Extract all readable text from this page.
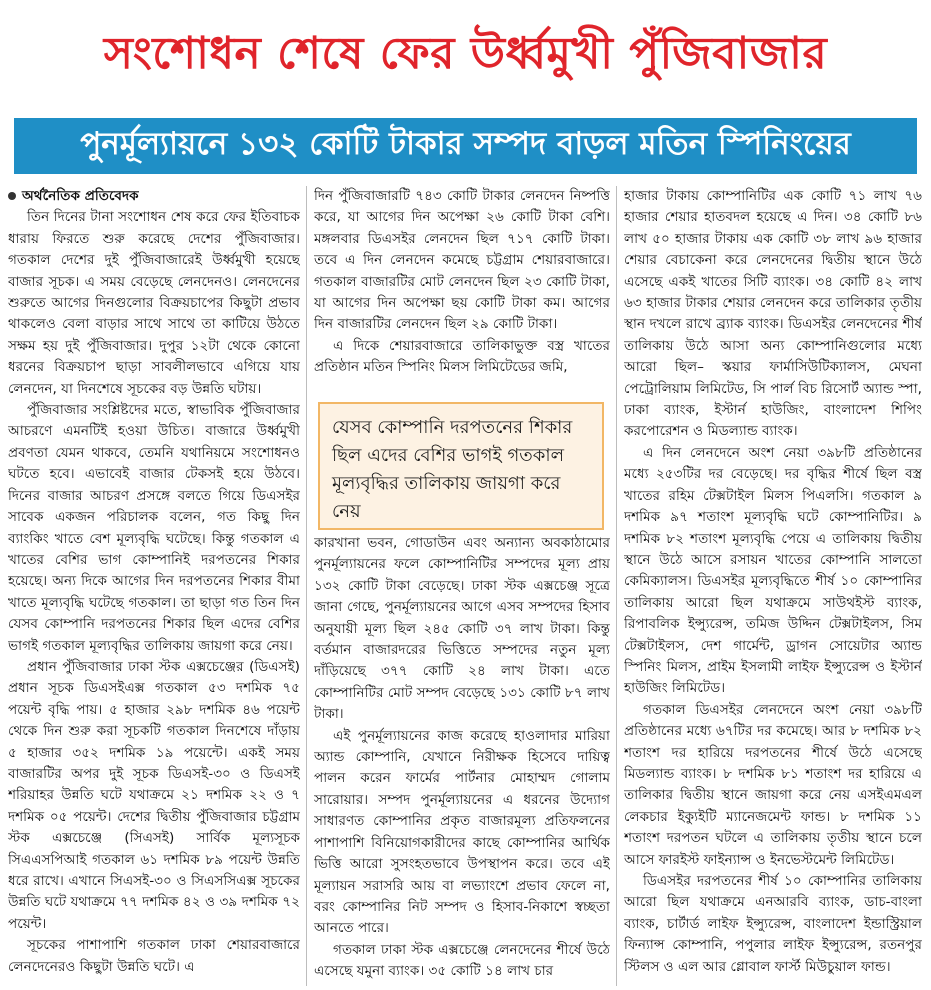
সংশোধন শেষে ফের উর্ধ্বমুখী পুঁজিবাজার
পুনর্মূল্যায়নে ১৩২ কোটি টাকার সম্পদ বাড়ল মতিন স্পিনিংয়ের

অর্থনৈতিক প্রতিবেদক

তিন দিনের টানা সংশোধন শেষ করে ফের ইতিবাচক ধারায় ফিরতে শুরু করেছে দেশের পুঁজিবাজার। গতকাল দেশের দুই পুঁজিবাজারেই উর্ধ্বমুখী হয়েছে বাজার সূচক। এ সময় বেড়েছে লেনদেনও। লেনদেনের শুরুতে আগের দিনগুলোর বিক্রয়চাপের কিছুটা প্রভাব থাকলেও বেলা বাড়ার সাথে সাথে তা কাটিয়ে উঠতে সক্ষম হয় দুই পুঁজিবাজার। দুপুর ১২টা থেকে কোনো ধরনের বিক্রয়চাপ ছাড়া সাবলীলভাবে এগিয়ে যায় লেনদেন, যা দিনশেষে সূচকের বড় উন্নতি ঘটায়।

পুঁজিবাজার সংশ্লিষ্টদের মতে, স্বাভাবিক পুঁজিবাজার আচরণে এমনটিই হওয়া উচিত। বাজারে উর্ধ্বমুখী প্রবণতা যেমন থাকবে, তেমনি যথানিয়মে সংশোধনও ঘটতে হবে। এভাবেই বাজার টেকসই হয়ে উঠবে। দিনের বাজার আচরণ প্রসঙ্গে বলতে গিয়ে ডিএসইর সাবেক একজন পরিচালক বলেন, গত কিছু দিন ব্যাংকিং খাতে বেশ মূল্যবৃদ্ধি ঘটেছে। কিন্তু গতকাল এ খাতের বেশির ভাগ কোম্পানিই দরপতনের শিকার হয়েছে। অন্য দিকে আগের দিন দরপতনের শিকার বীমা খাতে মূল্যবৃদ্ধি ঘটেছে গতকাল। তা ছাড়া গত তিন দিন যেসব কোম্পানি দরপতনের শিকার ছিল এদের বেশির ভাগই গতকাল মূল্যবৃদ্ধির তালিকায় জায়গা করে নেয়।

প্রধান পুঁজিবাজার ঢাকা স্টক এক্সচেঞ্জের (ডিএসই) প্রধান সূচক ডিএসইএক্স গতকাল ৫৩ দশমিক ৭৫ পয়েন্ট বৃদ্ধি পায়। ৫ হাজার ২৯৮ দশমিক ৪৬ পয়েন্ট থেকে দিন শুরু করা সূচকটি গতকাল দিনশেষে দাঁড়ায় ৫ হাজার ৩৫২ দশমিক ১৯ পয়েন্টে। একই সময় বাজারটির অপর দুই সূচক ডিএসই-৩০ ও ডিএসই শরিয়াহর উন্নতি ঘটে যথাক্রমে ২১ দশমিক ২২ ও ৭ দশমিক ০৫ পয়েন্ট। দেশের দ্বিতীয় পুঁজিবাজার চট্টগ্রাম স্টক এক্সচেঞ্জে (সিএসই) সার্বিক মূল্যসূচক সিএএসপিআই গতকাল ৬১ দশমিক ৮৯ পয়েন্ট উন্নতি ধরে রাখে। এখানে সিএসই-৩০ ও সিএসসিএক্স সূচকের উন্নতি ঘটে যথাক্রমে ৭৭ দশমিক ৪২ ও ৩৯ দশমিক ৭২ পয়েন্ট।

সূচকের পাশাপাশি গতকাল ঢাকা শেয়ারবাজারে লেনদেনেরও কিছুটা উন্নতি ঘটে। এ

দিন পুঁজিবাজারটি ৭৪৩ কোটি টাকার লেনদেন নিষ্পত্তি করে, যা আগের দিন অপেক্ষা ২৬ কোটি টাকা বেশি। মঙ্গলবার ডিএসইর লেনদেন ছিল ৭১৭ কোটি টাকা। তবে এ দিন লেনদেন কমেছে চট্টগ্রাম শেয়ারবাজারে। গতকাল বাজারটির মোট লেনদেন ছিল ২৩ কোটি টাকা, যা আগের দিন অপেক্ষা ছয় কোটি টাকা কম। আগের দিন বাজারটির লেনদেন ছিল ২৯ কোটি টাকা।

এ দিকে শেয়ারবাজারে তালিকাভুক্ত বস্ত্র খাতের প্রতিষ্ঠান মতিন স্পিনিং মিলস লিমিটেডের জমি,

যেসব কোম্পানি দরপতনের শিকার ছিল এদের বেশির ভাগই গতকাল মূল্যবৃদ্ধির তালিকায় জায়গা করে নেয়

কারখানা ভবন, গোডাউন এবং অন্যান্য অবকাঠামোর পুনর্মূল্যায়নের ফলে কোম্পানিটির সম্পদের মূল্য প্রায় ১৩২ কোটি টাকা বেড়েছে। ঢাকা স্টক এক্সচেঞ্জ সূত্রে জানা গেছে, পুনর্মূল্যায়নের আগে এসব সম্পদের হিসাব অনুযায়ী মূল্য ছিল ২৪৫ কোটি ৩৭ লাখ টাকা। কিন্তু বর্তমান বাজারদরের ভিত্তিতে সম্পদের নতুন মূল্য দাঁড়িয়েছে ৩৭৭ কোটি ২৪ লাখ টাকা। এতে কোম্পানিটির মোট সম্পদ বেড়েছে ১৩১ কোটি ৮৭ লাখ টাকা।

এই পুনর্মূল্যায়নের কাজ করেছে হাওলাদার মারিয়া অ্যান্ড কোম্পানি, যেখানে নিরীক্ষক হিসেবে দায়িত্ব পালন করেন ফার্মের পার্টনার মোহাম্মদ গোলাম সারোয়ার। সম্পদ পুনর্মূল্যায়নের এ ধরনের উদ্যোগ সাধারণত কোম্পানির প্রকৃত বাজারমূল্য প্রতিফলনের পাশাপাশি বিনিয়োগকারীদের কাছে কোম্পানির আর্থিক ভিত্তি আরো সুসংহতভাবে উপস্থাপন করে। তবে এই মূল্যায়ন সরাসরি আয় বা লভ্যাংশে প্রভাব ফেলে না, বরং কোম্পানির নিট সম্পদ ও হিসাব-নিকাশে স্বচ্ছতা আনতে পারে।

গতকাল ঢাকা স্টক এক্সচেঞ্জে লেনদেনের শীর্ষে উঠে এসেছে যমুনা ব্যাংক। ৩৫ কোটি ১৪ লাখ চার

হাজার টাকায় কোম্পানিটির এক কোটি ৭১ লাখ ৭৬ হাজার শেয়ার হাতবদল হয়েছে এ দিন। ৩৪ কোটি ৮৬ লাখ ৫০ হাজার টাকায় এক কোটি ৩৮ লাখ ৯৬ হাজার শেয়ার বেচাকেনা করে লেনদেনের দ্বিতীয় স্থানে উঠে এসেছে একই খাতের সিটি ব্যাংক। ৩৪ কোটি ৪২ লাখ ৬৩ হাজার টাকার শেয়ার লেনদেন করে তালিকার তৃতীয় স্থান দখলে রাখে ব্র্যাক ব্যাংক। ডিএসইর লেনদেনের শীর্ষ তালিকায় উঠে আসা অন্য কোম্পানিগুলোর মধ্যে আরো ছিল– স্কয়ার ফার্মাসিউটিক্যালস, মেঘনা পেট্রোলিয়াম লিমিটেড, সি পার্ল বিচ রিসোর্ট অ্যান্ড স্পা, ঢাকা ব্যাংক, ইস্টার্ন হাউজিং, বাংলাদেশ শিপিং করপোরেশন ও মিডল্যান্ড ব্যাংক।

এ দিন লেনদেনে অংশ নেয়া ৩৯৮টি প্রতিষ্ঠানের মধ্যে ২৫৩টির দর বেড়েছে। দর বৃদ্ধির শীর্ষে ছিল বস্ত্র খাতের রহিম টেক্সটাইল মিলস পিএলসি। গতকাল ৯ দশমিক ৯৭ শতাংশ মূল্যবৃদ্ধি ঘটে কোম্পানিটির। ৯ দশমিক ৮২ শতাংশ মূল্যবৃদ্ধি পেয়ে এ তালিকায় দ্বিতীয় স্থানে উঠে আসে রসায়ন খাতের কোম্পানি সালতো কেমিক্যালস। ডিএসইর মূল্যবৃদ্ধিতে শীর্ষ ১০ কোম্পানির তালিকায় আরো ছিল যথাক্রমে সাউথইস্ট ব্যাংক, রিপাবলিক ইন্স্যুরেন্স, তমিজ উদ্দিন টেক্সটাইলস, সিম টেক্সটাইলস, দেশ গার্মেন্ট, ড্রাগন সোয়েটার অ্যান্ড স্পিনিং মিলস, প্রাইম ইসলামী লাইফ ইন্স্যুরেন্স ও ইস্টার্ন হাউজিং লিমিটেড।

গতকাল ডিএসইর লেনদেনে অংশ নেয়া ৩৯৮টি প্রতিষ্ঠানের মধ্যে ৬৭টির দর কমেছে। আর ৮ দশমিক ৮২ শতাংশ দর হারিয়ে দরপতনের শীর্ষে উঠে এসেছে মিডল্যান্ড ব্যাংক। ৮ দশমিক ৮১ শতাংশ দর হারিয়ে এ তালিকার দ্বিতীয় স্থানে জায়গা করে নেয় এসইএমএল লেকচার ইক্যুইটি ম্যানেজমেন্ট ফান্ড। ৮ দশমিক ১১ শতাংশ দরপতন ঘটলে এ তালিকায় তৃতীয় স্থানে চলে আসে ফারইস্ট ফাইন্যান্স ও ইনভেস্টমেন্ট লিমিটেড।

ডিএসইর দরপতনের শীর্ষ ১০ কোম্পানির তালিকায় আরো ছিল যথাক্রমে এনআরবি ব্যাংক, ডাচ-বাংলা ব্যাংক, চার্টার্ড লাইফ ইন্স্যুরেন্স, বাংলাদেশ ইন্ডাস্ট্রিয়াল ফিন্যান্স কোম্পানি, পপুলার লাইফ ইন্স্যুরেন্স, রতনপুর স্টিলস ও এল আর গ্লোবাল ফার্স্ট মিউচুয়াল ফান্ড।
